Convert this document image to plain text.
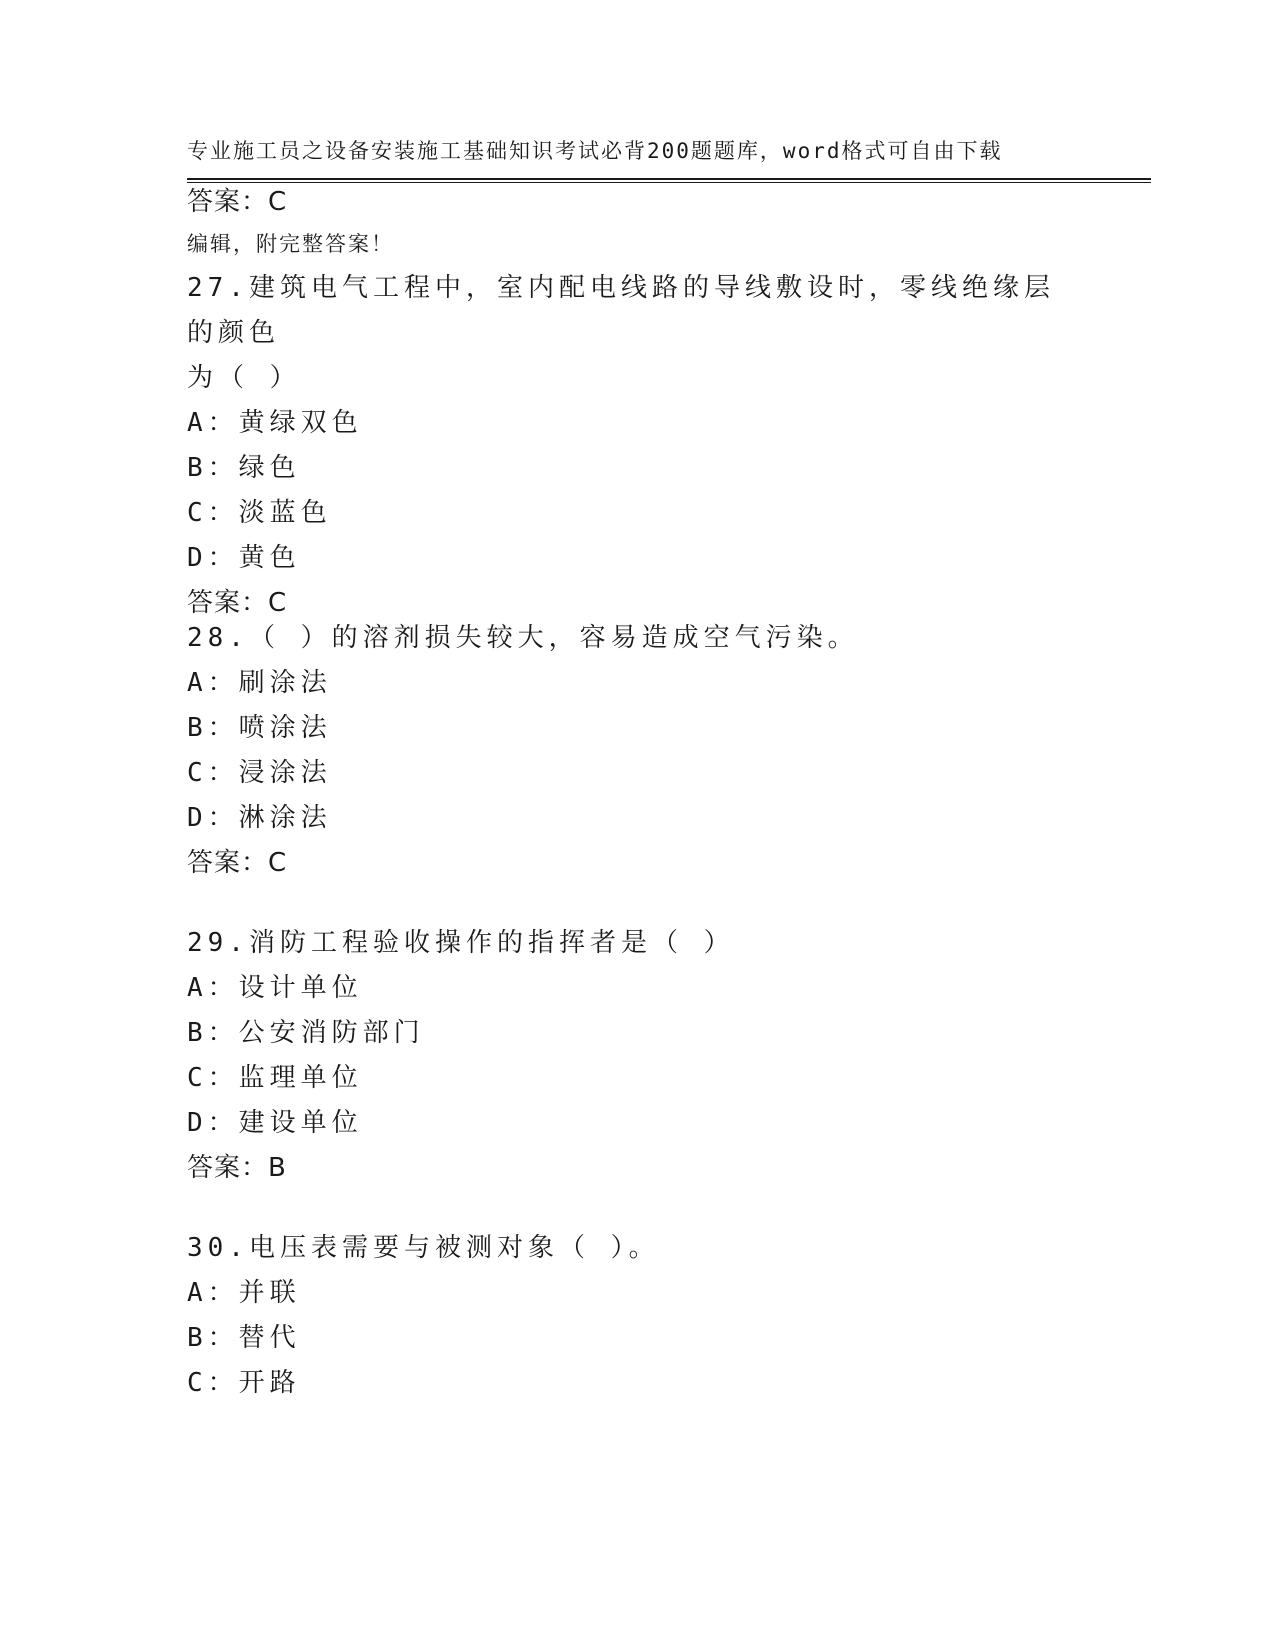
专业施工员之设备安装施工基础知识考试必背200题题库，word格式可自由下载

编辑，附完整答案！

答案：C
27.建筑电气工程中，室内配电线路的导线敷设时，零线绝缘层的颜色
为（ ）
A：黄绿双色
B：绿色
C：淡蓝色
D：黄色
答案：C
28.（ ）的溶剂损失较大，容易造成空气污染。
A：刷涂法
B：喷涂法
C：浸涂法
D：淋涂法
答案：C
29.消防工程验收操作的指挥者是（ ）
A：设计单位
B：公安消防部门
C：监理单位
D：建设单位
答案：B
30.电压表需要与被测对象（ ）。
A：并联
B：替代
C：开路
